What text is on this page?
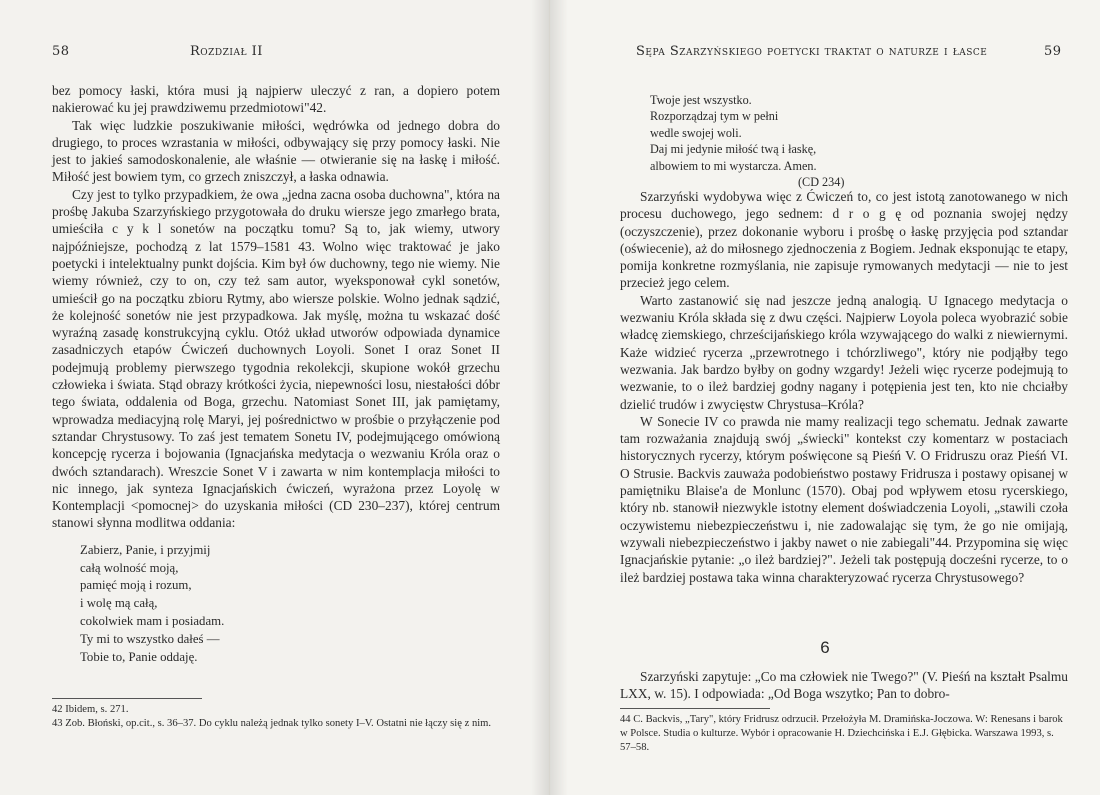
58	Rozdział II

bez pomocy łaski, która musi ją najpierw uleczyć z ran, a dopiero potem nakierować ku jej prawdziwemu przedmiotowi"42.

Tak więc ludzkie poszukiwanie miłości, wędrówka od jednego dobra do drugiego, to proces wzrastania w miłości, odbywający się przy pomocy łaski. Nie jest to jakieś samodoskonalenie, ale właśnie — otwieranie się na łaskę i miłość. Miłość jest bowiem tym, co grzech zniszczył, a łaska odnawia.

Czy jest to tylko przypadkiem, że owa „jedna zacna osoba duchowna", która na prośbę Jakuba Szarzyńskiego przygotowała do druku wiersze jego zmarłego brata, umieściła c y k l sonetów na początku tomu? Są to, jak wiemy, utwory najpóźniejsze, pochodzą z lat 1579–1581 43. Wolno więc traktować je jako poetycki i intelektualny punkt dojścia. Kim był ów duchowny, tego nie wiemy. Nie wiemy również, czy to on, czy też sam autor, wyeksponował cykl sonetów, umieścił go na początku zbioru Rytmy, abo wiersze polskie. Wolno jednak sądzić, że kolejność sonetów nie jest przypadkowa. Jak myślę, można tu wskazać dość wyraźną zasadę konstrukcyjną cyklu. Otóż układ utworów odpowiada dynamice zasadniczych etapów Ćwiczeń duchownych Loyoli. Sonet I oraz Sonet II podejmują problemy pierwszego tygodnia rekolekcji, skupione wokół grzechu człowieka i świata. Stąd obrazy krótkości życia, niepewności losu, niestałości dóbr tego świata, oddalenia od Boga, grzechu. Natomiast Sonet III, jak pamiętamy, wprowadza mediacyjną rolę Maryi, jej pośrednictwo w prośbie o przyłączenie pod sztandar Chrystusowy. To zaś jest tematem Sonetu IV, podejmującego omówioną koncepcję rycerza i bojowania (Ignacjańska medytacja o wezwaniu Króla oraz o dwóch sztandarach). Wreszcie Sonet V i zawarta w nim kontemplacja miłości to nic innego, jak synteza Ignacjańskich ćwiczeń, wyrażona przez Loyolę w Kontemplacji <pomocnej> do uzyskania miłości (CD 230–237), której centrum stanowi słynna modlitwa oddania:

Zabierz, Panie, i przyjmij
całą wolność moją,
pamięć moją i rozum,
i wolę mą całą,
cokolwiek mam i posiadam.
Ty mi to wszystko dałeś —
Tobie to, Panie oddaję.
42 Ibidem, s. 271.
43 Zob. Błoński, op.cit., s. 36–37. Do cyklu należą jednak tylko sonety I–V. Ostatni nie łączy się z nim.
Sępa Szarzyńskiego poetycki traktat o naturze i łasce	59
Twoje jest wszystko.
Rozporządzaj tym w pełni
wedle swojej woli.
Daj mi jedynie miłość twą i łaskę,
albowiem to mi wystarcza. Amen.
(CD 234)

Szarzyński wydobywa więc z Ćwiczeń to, co jest istotą zanotowanego w nich procesu duchowego, jego sednem: d r o g ę od poznania swojej nędzy (oczyszczenie), przez dokonanie wyboru i prośbę o łaskę przyjęcia pod sztandar (oświecenie), aż do miłosnego zjednoczenia z Bogiem. Jednak eksponując te etapy, pomija konkretne rozmyślania, nie zapisuje rymowanych medytacji — nie to jest przecież jego celem.

Warto zastanowić się nad jeszcze jedną analogią. U Ignacego medytacja o wezwaniu Króla składa się z dwu części. Najpierw Loyola poleca wyobrazić sobie władcę ziemskiego, chrześcijańskiego króla wzywającego do walki z niewiernymi. Każe widzieć rycerza „przewrotnego i tchórzliwego", który nie podjąłby tego wezwania. Jak bardzo byłby on godny wzgardy! Jeżeli więc rycerze podejmują to wezwanie, to o ileż bardziej godny nagany i potępienia jest ten, kto nie chciałby dzielić trudów i zwycięstw Chrystusa–Króla?

W Sonecie IV co prawda nie mamy realizacji tego schematu. Jednak zawarte tam rozważania znajdują swój „świecki" kontekst czy komentarz w postaciach historycznych rycerzy, którym poświęcone są Pieśń V. O Fridruszu oraz Pieśń VI. O Strusie. Backvis zauważa podobieństwo postawy Fridrusza i postawy opisanej w pamiętniku Blaise'a de Monlunc (1570). Obaj pod wpływem etosu rycerskiego, który nb. stanowił niezwykle istotny element doświadczenia Loyoli, „stawili czoła oczywistemu niebezpieczeństwu i, nie zadowalając się tym, że go nie omijają, wzywali niebezpieczeństwo i jakby nawet o nie zabiegali"44. Przypomina się więc Ignacjańskie pytanie: „o ileż bardziej?". Jeżeli tak postępują docześni rycerze, to o ileż bardziej postawa taka winna charakteryzować rycerza Chrystusowego?

6

Szarzyński zapytuje: „Co ma człowiek nie Twego?" (V. Pieśń na kształt Psalmu LXX, w. 15). I odpowiada: „Od Boga wszytko; Pan to dobro-

44 C. Backvis, „Tary", który Fridrusz odrzucił. Przełożyła M. Dramińska-Joczowa. W: Renesans i barok w Polsce. Studia o kulturze. Wybór i opracowanie H. Dziechcińska i E.J. Głębicka. Warszawa 1993, s. 57–58.
